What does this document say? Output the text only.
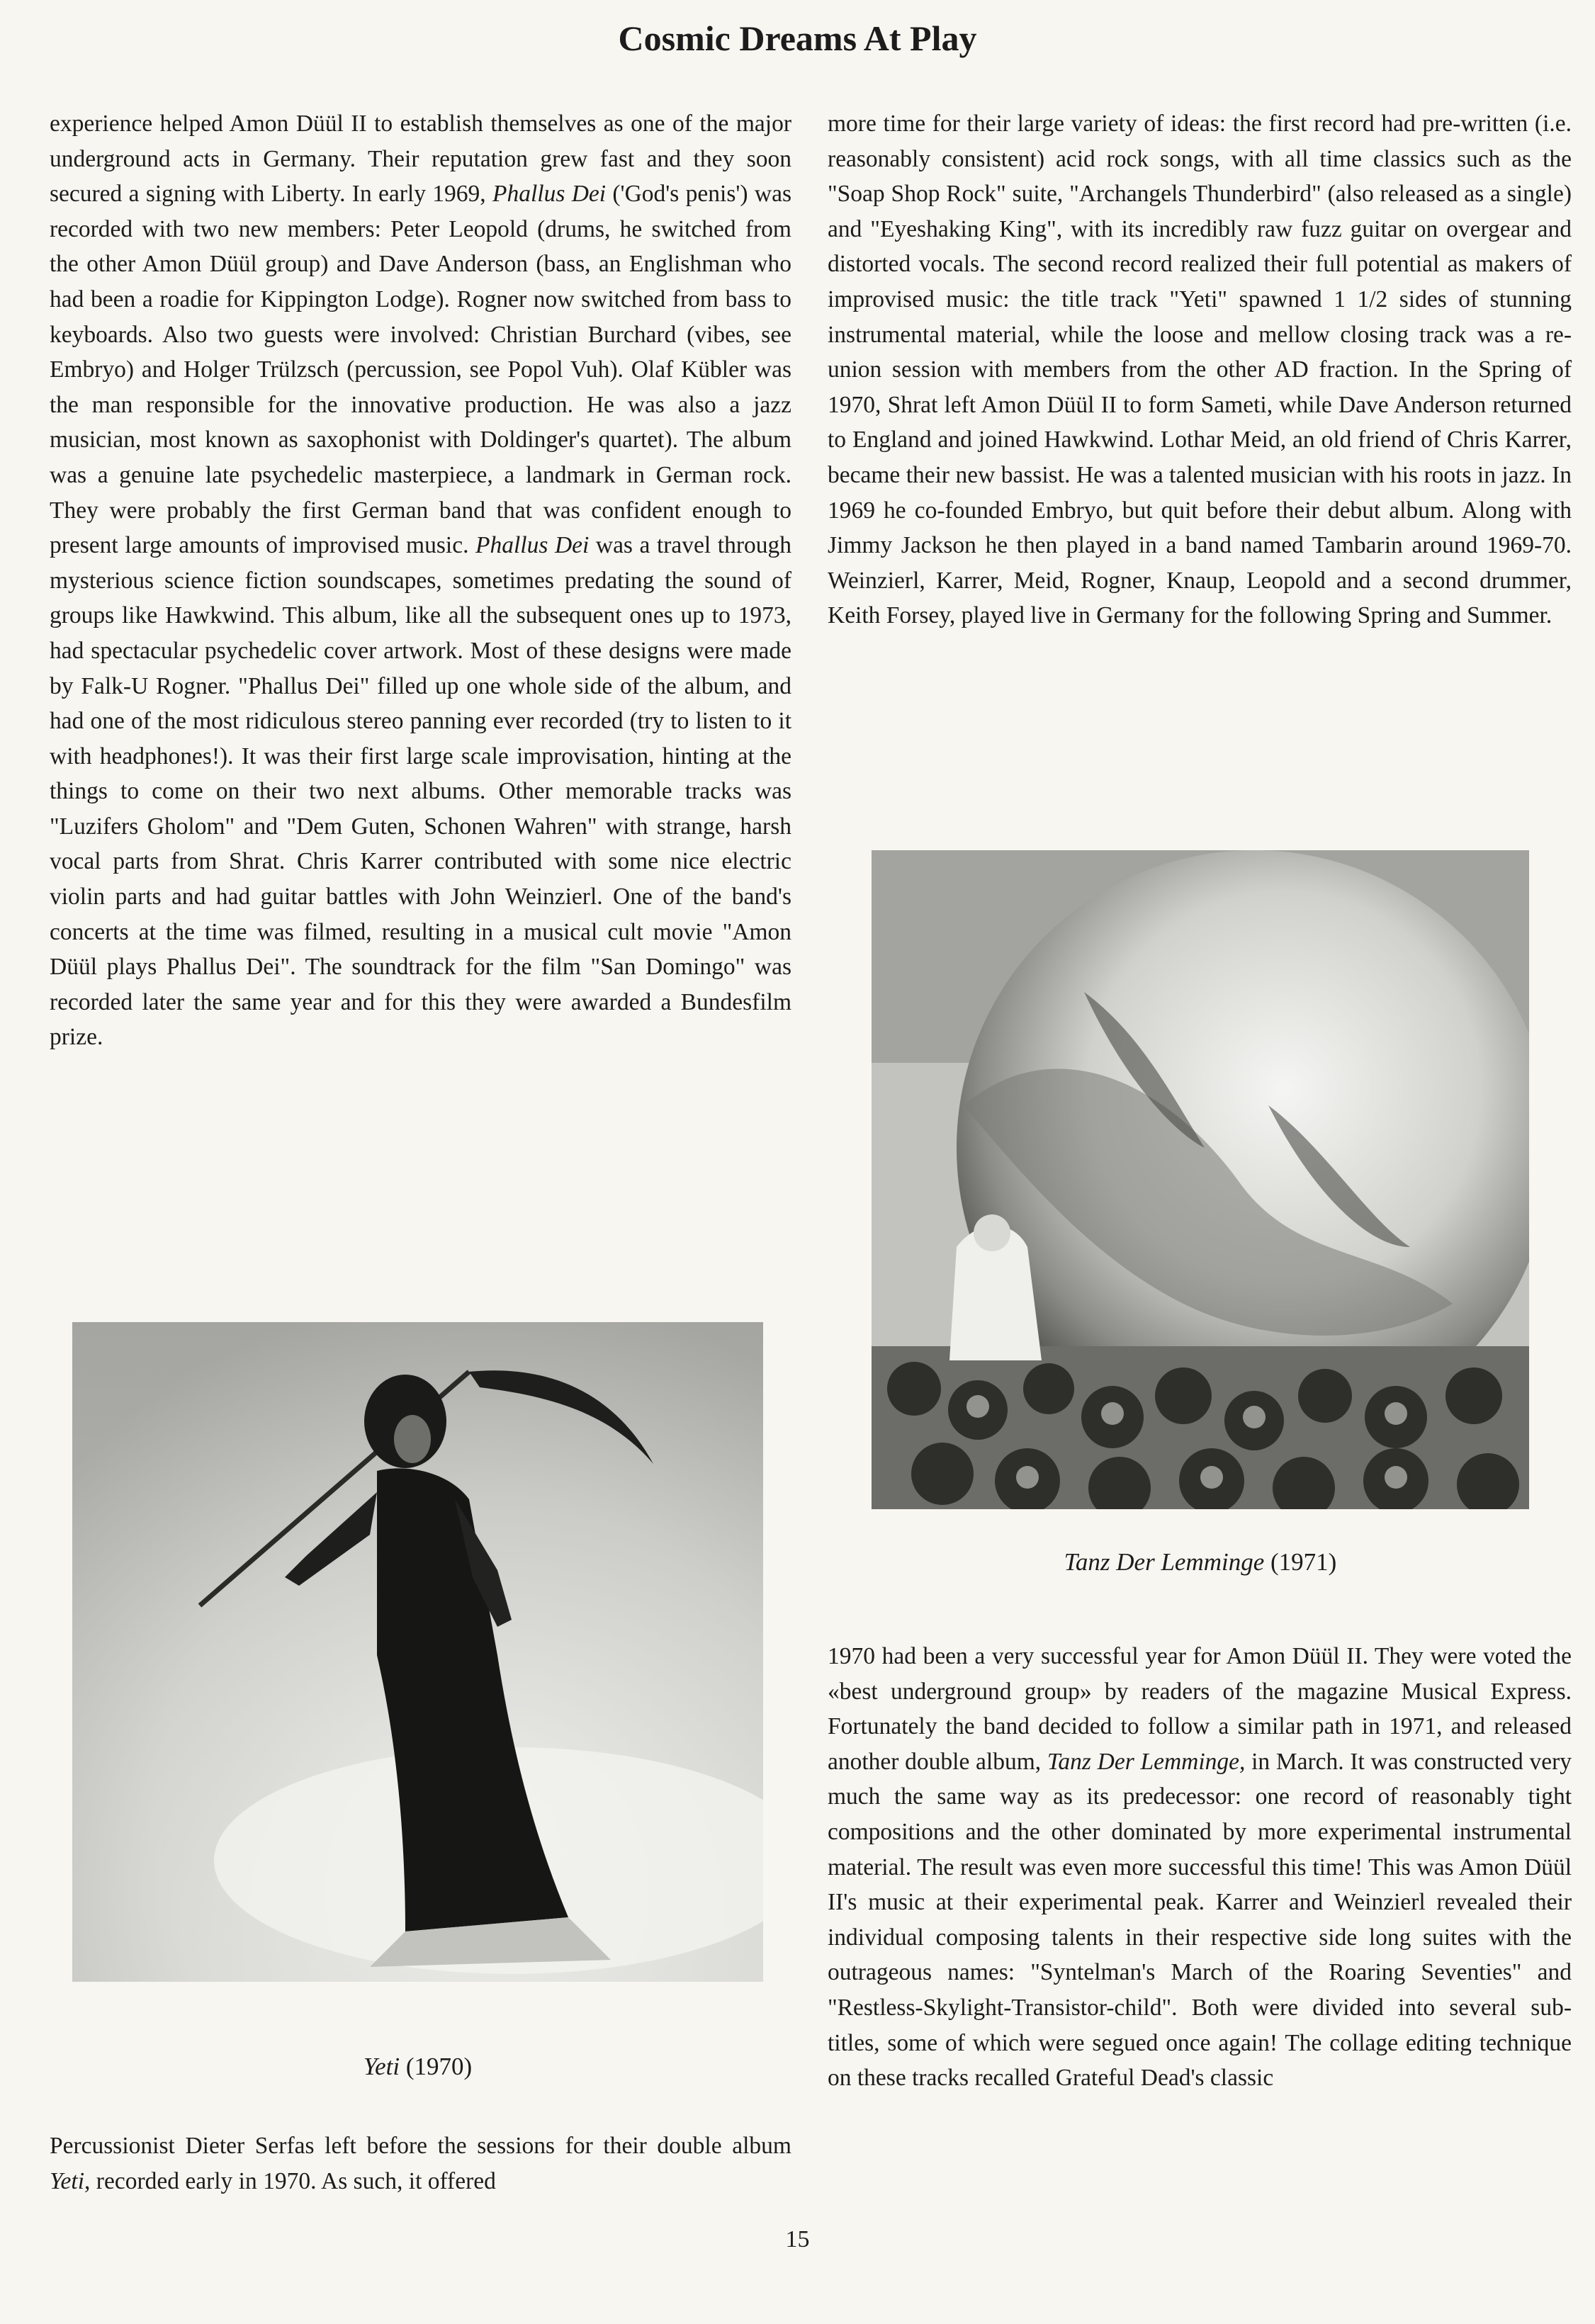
Cosmic Dreams At Play

experience helped Amon Düül II to establish themselves as one of the major underground acts in Germany. Their reputation grew fast and they soon secured a signing with Liberty. In early 1969, Phallus Dei ('God's penis') was recorded with two new members: Peter Leopold (drums, he switched from the other Amon Düül group) and Dave Anderson (bass, an Englishman who had been a roadie for Kippington Lodge). Rogner now switched from bass to keyboards. Also two guests were involved: Christian Burchard (vibes, see Embryo) and Holger Trülzsch (percussion, see Popol Vuh). Olaf Kübler was the man responsible for the innovative production. He was also a jazz musician, most known as saxophonist with Doldinger's quartet). The album was a genuine late psychedelic masterpiece, a landmark in German rock. They were probably the first German band that was confident enough to present large amounts of improvised music. Phallus Dei was a travel through mysterious science fiction soundscapes, sometimes predating the sound of groups like Hawkwind. This album, like all the subsequent ones up to 1973, had spectacular psychedelic cover artwork. Most of these designs were made by Falk-U Rogner. "Phallus Dei" filled up one whole side of the album, and had one of the most ridiculous stereo panning ever recorded (try to listen to it with headphones!). It was their first large scale improvisation, hinting at the things to come on their two next albums. Other memorable tracks was "Luzifers Gholom" and "Dem Guten, Schonen Wahren" with strange, harsh vocal parts from Shrat. Chris Karrer contributed with some nice electric violin parts and had guitar battles with John Weinzierl. One of the band's concerts at the time was filmed, resulting in a musical cult movie "Amon Düül plays Phallus Dei". The soundtrack for the film "San Domingo" was recorded later the same year and for this they were awarded a Bundesfilm prize.

Yeti (1970)

Percussionist Dieter Serfas left before the sessions for their double album Yeti, recorded early in 1970. As such, it offered

more time for their large variety of ideas: the first record had pre-written (i.e. reasonably consistent) acid rock songs, with all time classics such as the "Soap Shop Rock" suite, "Archangels Thunderbird" (also released as a single) and "Eyeshaking King", with its incredibly raw fuzz guitar on overgear and distorted vocals. The second record realized their full potential as makers of improvised music: the title track "Yeti" spawned 1 1/2 sides of stunning instrumental material, while the loose and mellow closing track was a re-union session with members from the other AD fraction. In the Spring of 1970, Shrat left Amon Düül II to form Sameti, while Dave Anderson returned to England and joined Hawkwind. Lothar Meid, an old friend of Chris Karrer, became their new bassist. He was a talented musician with his roots in jazz. In 1969 he co-founded Embryo, but quit before their debut album. Along with Jimmy Jackson he then played in a band named Tambarin around 1969-70. Weinzierl, Karrer, Meid, Rogner, Knaup, Leopold and a second drummer, Keith Forsey, played live in Germany for the following Spring and Summer.

Tanz Der Lemminge (1971)

1970 had been a very successful year for Amon Düül II. They were voted the «best underground group» by readers of the magazine Musical Express. Fortunately the band decided to follow a similar path in 1971, and released another double album, Tanz Der Lemminge, in March. It was constructed very much the same way as its predecessor: one record of reasonably tight compositions and the other dominated by more experimental instrumental material. The result was even more successful this time! This was Amon Düül II's music at their experimental peak. Karrer and Weinzierl revealed their individual composing talents in their respective side long suites with the outrageous names: "Syntelman's March of the Roaring Seventies" and "Restless-Skylight-Transistor-child". Both were divided into several sub-titles, some of which were segued once again! The collage editing technique on these tracks recalled Grateful Dead's classic

15
